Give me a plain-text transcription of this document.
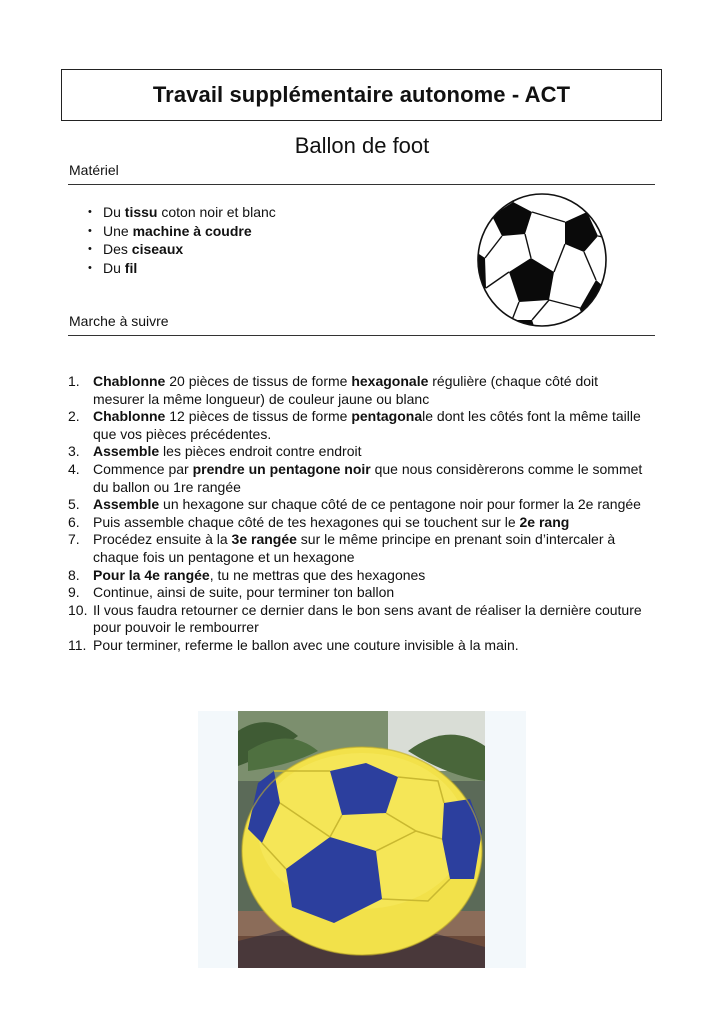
Travail supplémentaire autonome - ACT
Ballon de foot
Matériel
• Du tissu coton noir et blanc
• Une machine à coudre
• Des ciseaux
• Du fil
Marche à suivre
1. Chablonne 20 pièces de tissus de forme hexagonale régulière (chaque côté doit mesurer la même longueur) de couleur jaune ou blanc
2. Chablonne 12 pièces de tissus de forme pentagonale dont les côtés font la même taille que vos pièces précédentes.
3. Assemble les pièces endroit contre endroit
4. Commence par prendre un pentagone noir que nous considèrerons comme le sommet du ballon ou 1re rangée
5. Assemble un hexagone sur chaque côté de ce pentagone noir pour former la 2e rangée
6. Puis assemble chaque côté de tes hexagones qui se touchent sur le 2e rang
7. Procédez ensuite à la 3e rangée sur le même principe en prenant soin d’intercaler à chaque fois un pentagone et un hexagone
8. Pour la 4e rangée, tu ne mettras que des hexagones
9. Continue, ainsi de suite, pour terminer ton ballon
10. Il vous faudra retourner ce dernier dans le bon sens avant de réaliser la dernière couture pour pouvoir le rembourrer
11. Pour terminer, referme le ballon avec une couture invisible à la main.
